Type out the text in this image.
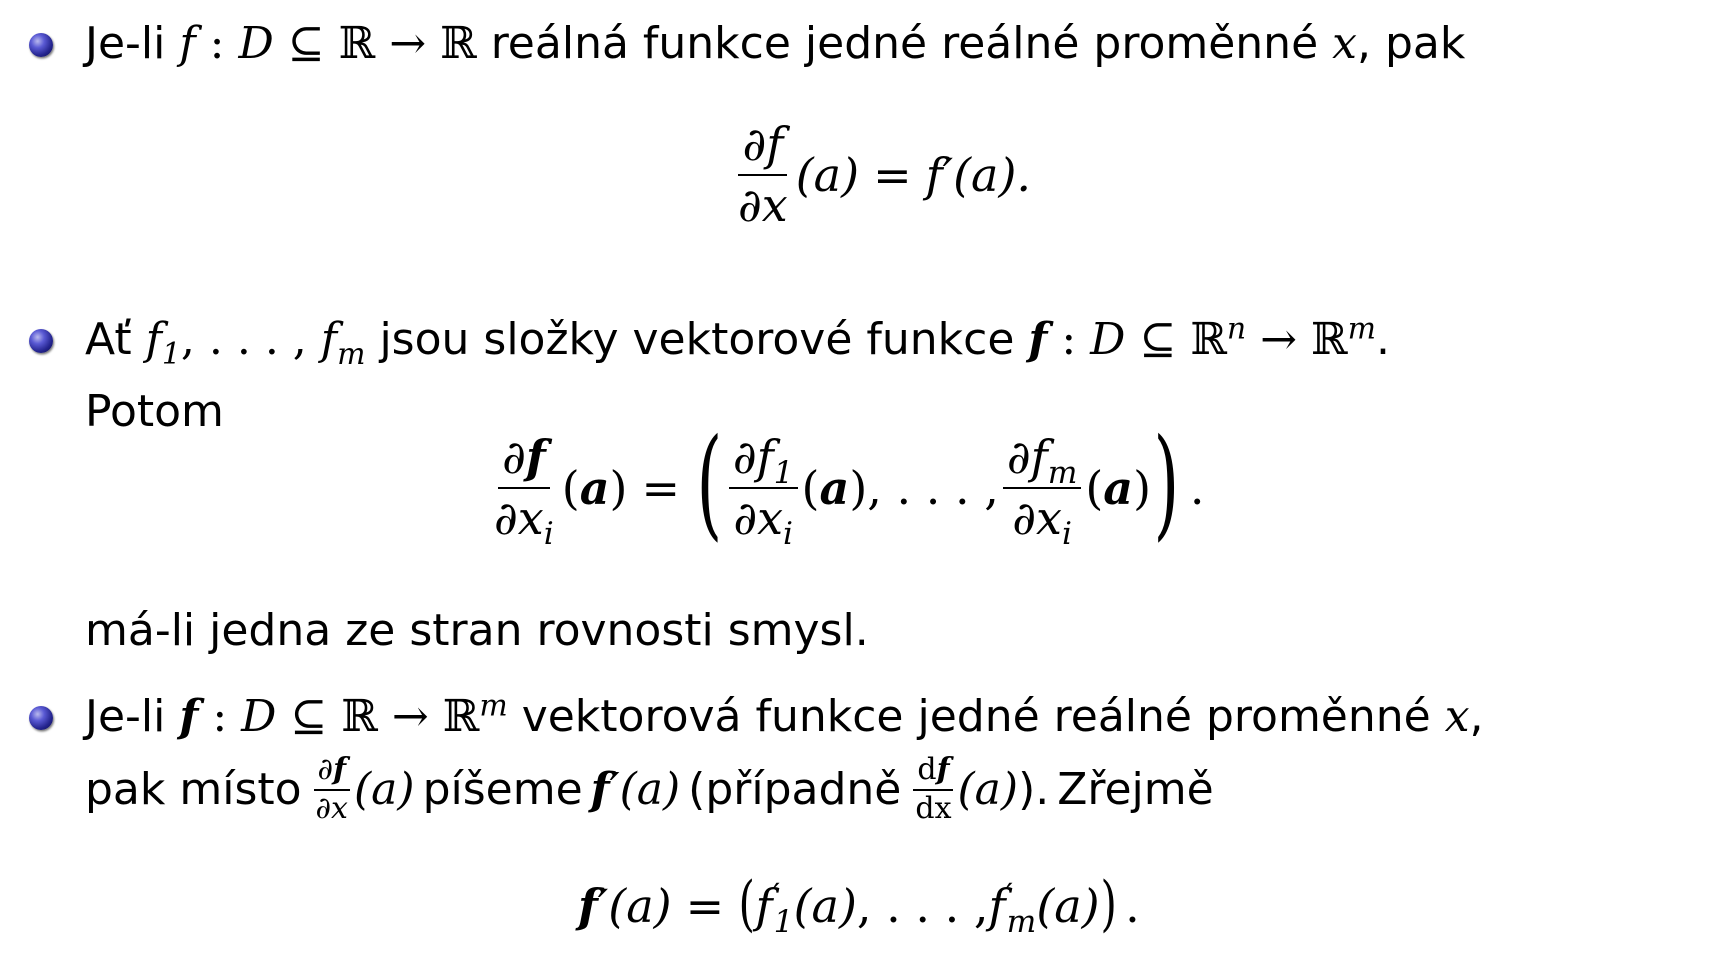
Je-li f : D ⊆ ℝ → ℝ reálná funkce jedné reálné proměnné x, pak
$\frac{\partial f}{\partial x} (a) = f'(a)$.
Ať $f_1$, . . . , $f_m$ jsou složky vektorové funkce f : D ⊆ ℝ$^n$ → ℝ$^m$.
Potom
$\frac{\partial f}{\partial x_i}$ ( a ) = ( $\frac{\partial f_1}{\partial x_i}$ ( a ) , . . . , $\frac{\partial f_m}{\partial x_i}$ ( a ) ) .
má-li jedna ze stran rovnosti smysl.
Je-li f : D ⊆ ℝ → ℝ$^m$ vektorová funkce jedné reálné proměnné x,
pak místo $\frac{\partial f}{\partial x} (a)$ píšeme f ′(a) (případně $\frac{df}{dx} (a)$ ). Zřejmě
f ′(a) = ( $f'_1$ (a) , . . . , $f'_m$ (a) ) .
